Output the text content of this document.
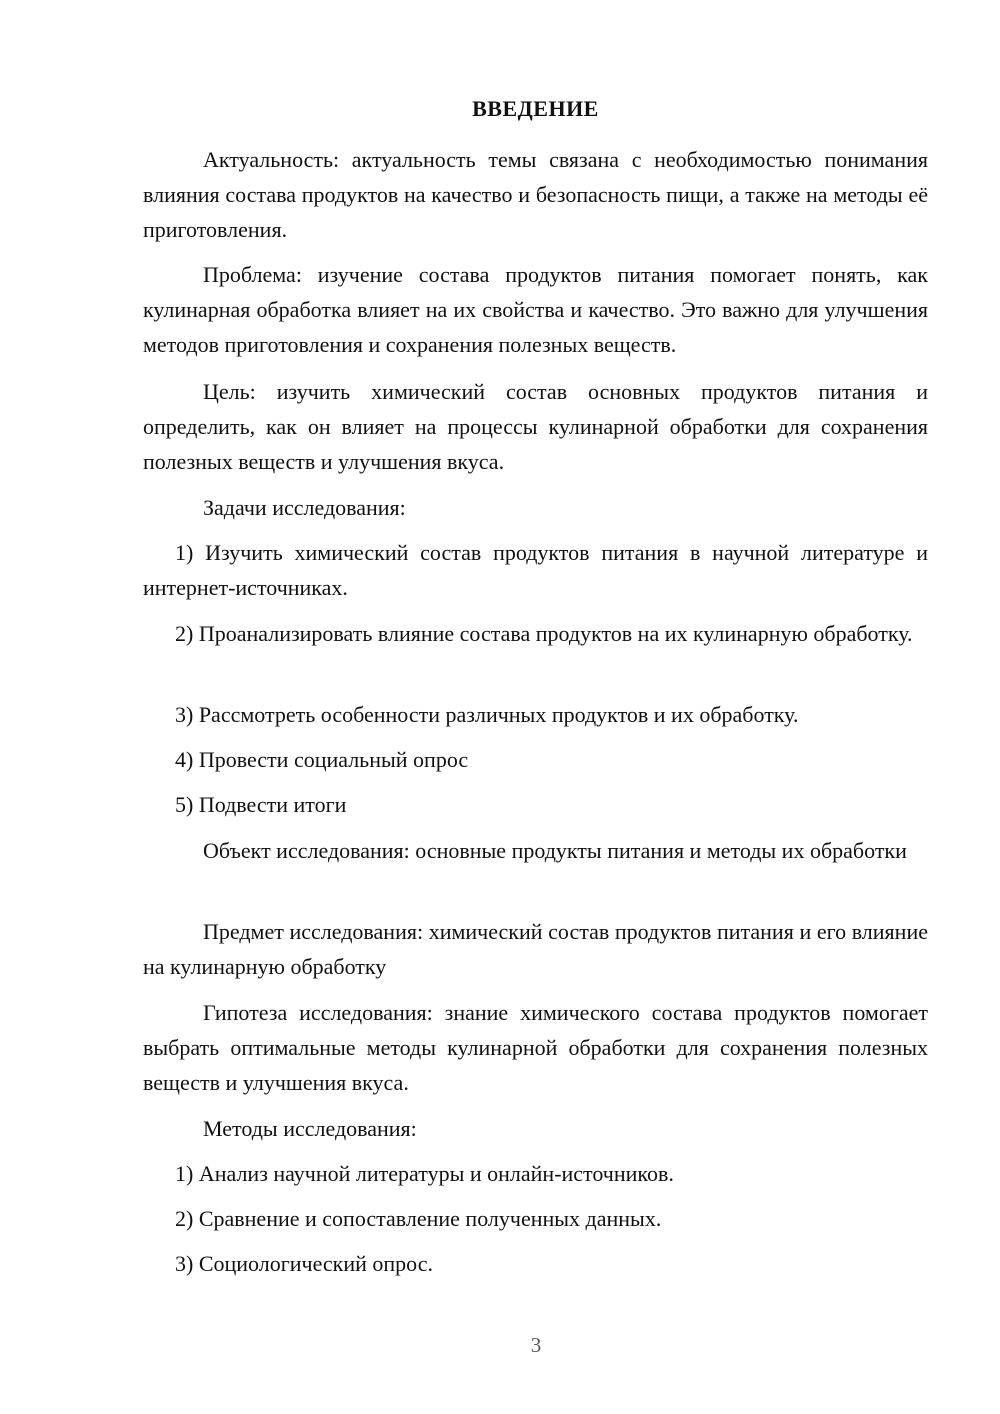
ВВЕДЕНИЕ

Актуальность: актуальность темы связана с необходимостью понимания влияния состава продуктов на качество и безопасность пищи, а также на методы её приготовления.

Проблема: изучение состава продуктов питания помогает понять, как кулинарная обработка влияет на их свойства и качество. Это важно для улучшения методов приготовления и сохранения полезных веществ.

Цель: изучить химический состав основных продуктов питания и определить, как он влияет на процессы кулинарной обработки для сохранения полезных веществ и улучшения вкуса.

Задачи исследования:

1) Изучить химический состав продуктов питания в научной литературе и интернет-источниках.

2) Проанализировать влияние состава продуктов на их кулинарную обработку.

3) Рассмотреть особенности различных продуктов и их обработку.

4) Провести социальный опрос

5) Подвести итоги

Объект исследования: основные продукты питания и методы их обработки

Предмет исследования: химический состав продуктов питания и его влияние на кулинарную обработку

Гипотеза исследования: знание химического состава продуктов помогает выбрать оптимальные методы кулинарной обработки для сохранения полезных веществ и улучшения вкуса.

Методы исследования:

1) Анализ научной литературы и онлайн-источников.

2) Сравнение и сопоставление полученных данных.

3) Социологический опрос.

3
